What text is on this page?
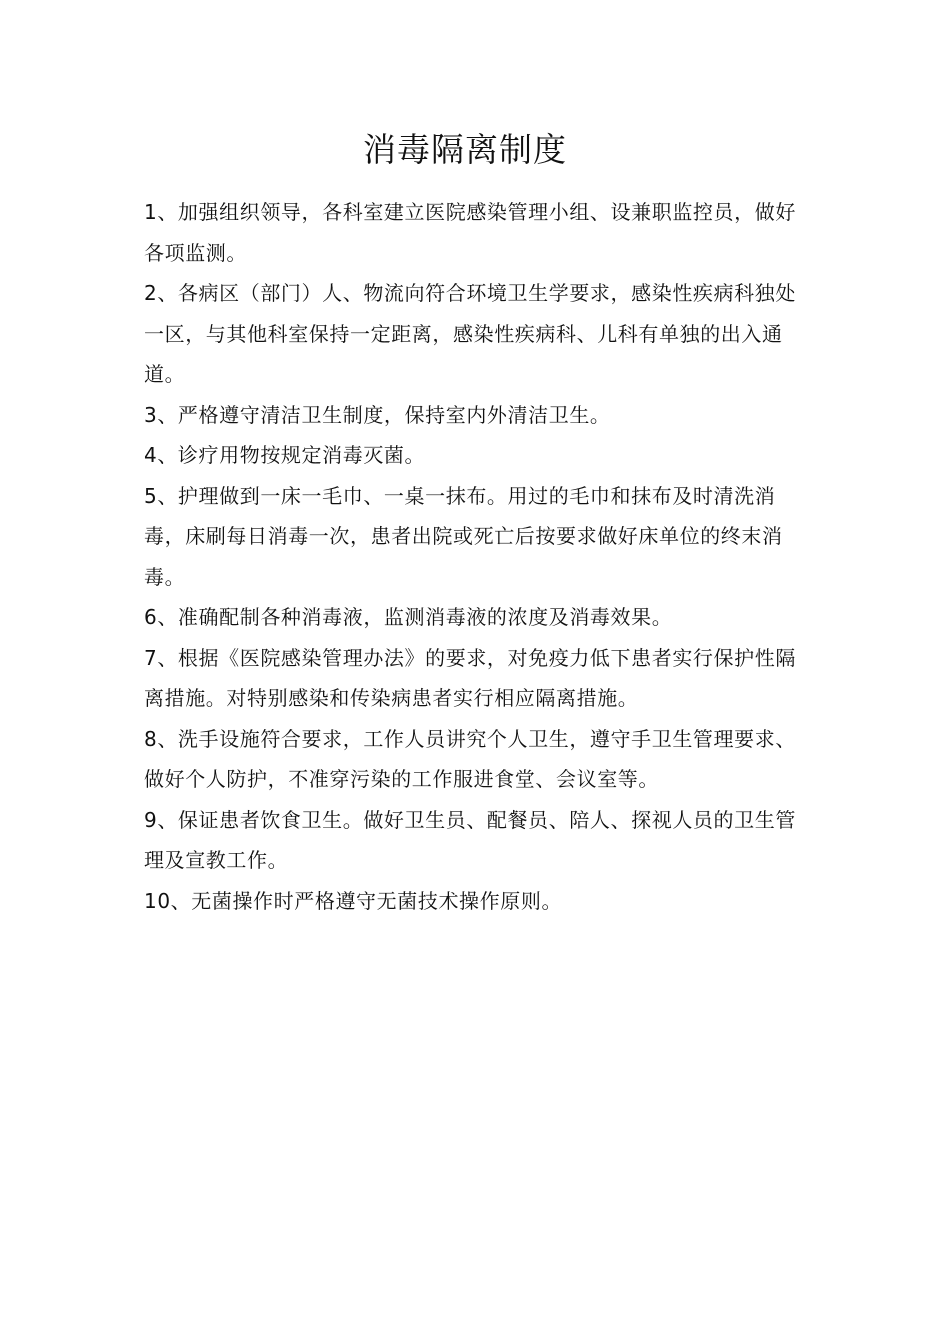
消毒隔离制度
1、加强组织领导，各科室建立医院感染管理小组、设兼职监控员，做好各项监测。
2、各病区（部门）人、物流向符合环境卫生学要求，感染性疾病科独处一区，与其他科室保持一定距离，感染性疾病科、儿科有单独的出入通道。
3、严格遵守清洁卫生制度，保持室内外清洁卫生。
4、诊疗用物按规定消毒灭菌。
5、护理做到一床一毛巾、一桌一抹布。用过的毛巾和抹布及时清洗消毒，床刷每日消毒一次，患者出院或死亡后按要求做好床单位的终末消毒。
6、准确配制各种消毒液，监测消毒液的浓度及消毒效果。
7、根据《医院感染管理办法》的要求，对免疫力低下患者实行保护性隔离措施。对特别感染和传染病患者实行相应隔离措施。
8、洗手设施符合要求，工作人员讲究个人卫生，遵守手卫生管理要求、做好个人防护，不准穿污染的工作服进食堂、会议室等。
9、保证患者饮食卫生。做好卫生员、配餐员、陪人、探视人员的卫生管理及宣教工作。
10、无菌操作时严格遵守无菌技术操作原则。
